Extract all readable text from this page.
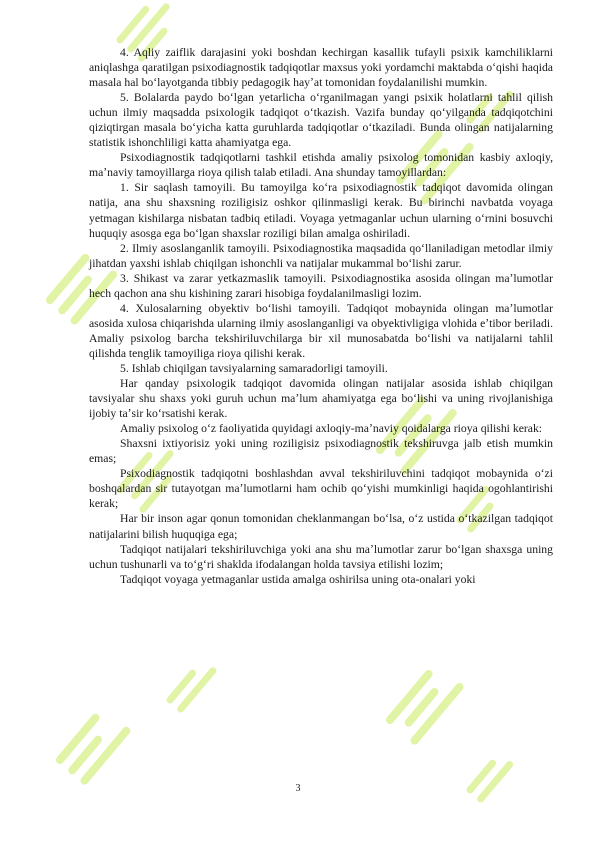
4. Aqliy zaiflik darajasini yoki boshdan kechirgan kasallik tufayli psixik kamchiliklarni aniqlashga qaratilgan psixodiagnostik tadqiqotlar maxsus yoki yordamchi maktabda oʻqishi haqida masala hal boʻlayotganda tibbiy pedagogik hayʼat tomonidan foydalanilishi mumkin.

5. Bolalarda paydo boʻlgan yetarlicha oʻrganilmagan yangi psixik holatlarni tahlil qilish uchun ilmiy maqsadda psixologik tadqiqot oʻtkazish. Vazifa bunday qoʻyilganda tadqiqotchini qiziqtirgan masala boʻyicha katta guruhlarda tadqiqotlar oʻtkaziladi. Bunda olingan natijalarning statistik ishonchliligi katta ahamiyatga ega.

Psixodiagnostik tadqiqotlarni tashkil etishda amaliy psixolog tomonidan kasbiy axloqiy, maʼnaviy tamoyillarga rioya qilish talab etiladi. Ana shunday tamoyillardan:

1. Sir saqlash tamoyili. Bu tamoyilga koʻra psixodiagnostik tadqiqot davomida olingan natija, ana shu shaxsning roziligisiz oshkor qilinmasligi kerak. Bu birinchi navbatda voyaga yetmagan kishilarga nisbatan tadbiq etiladi. Voyaga yetmaganlar uchun ularning oʻrnini bosuvchi huquqiy asosga ega boʻlgan shaxslar roziligi bilan amalga oshiriladi.

2. Ilmiy asoslanganlik tamoyili. Psixodiagnostika maqsadida qoʻllaniladigan metodlar ilmiy jihatdan yaxshi ishlab chiqilgan ishonchli va natijalar mukammal boʻlishi zarur.

3. Shikast va zarar yetkazmaslik tamoyili. Psixodiagnostika asosida olingan maʼlumotlar hech qachon ana shu kishining zarari hisobiga foydalanilmasligi lozim.

4. Xulosalarning obyektiv boʻlishi tamoyili. Tadqiqot mobaynida olingan maʼlumotlar asosida xulosa chiqarishda ularning ilmiy asoslanganligi va obyektivligiga vlohida eʼtibor beriladi. Amaliy psixolog barcha tekshiriluvchilarga bir xil munosabatda boʻlishi va natijalarni tahlil qilishda tenglik tamoyiliga rioya qilishi kerak.

5. Ishlab chiqilgan tavsiyalarning samaradorligi tamoyili.

Har qanday psixologik tadqiqot davomida olingan natijalar asosida ishlab chiqilgan tavsiyalar shu shaxs yoki guruh uchun maʼlum ahamiyatga ega boʻlishi va uning rivojlanishiga ijobiy taʼsir koʻrsatishi kerak.

Amaliy psixolog oʻz faoliyatida quyidagi axloqiy-maʼnaviy qoidalarga rioya qilishi kerak:

Shaxsni ixtiyorisiz yoki uning roziligisiz psixodiagnostik tekshiruvga jalb etish mumkin emas;

Psixodiagnostik tadqiqotni boshlashdan avval tekshiriluvchini tadqiqot mobaynida oʻzi boshqalardan sir tutayotgan maʼlumotlarni ham ochib qoʻyishi mumkinligi haqida ogohlantirishi kerak;

Har bir inson agar qonun tomonidan cheklanmangan boʻlsa, oʻz ustida oʻtkazilgan tadqiqot natijalarini bilish huquqiga ega;

Tadqiqot natijalari tekshiriluvchiga yoki ana shu maʼlumotlar zarur boʻlgan shaxsga uning uchun tushunarli va toʻgʻri shaklda ifodalangan holda tavsiya etilishi lozim;

Tadqiqot voyaga yetmaganlar ustida amalga oshirilsa uning ota-onalari yoki

3
